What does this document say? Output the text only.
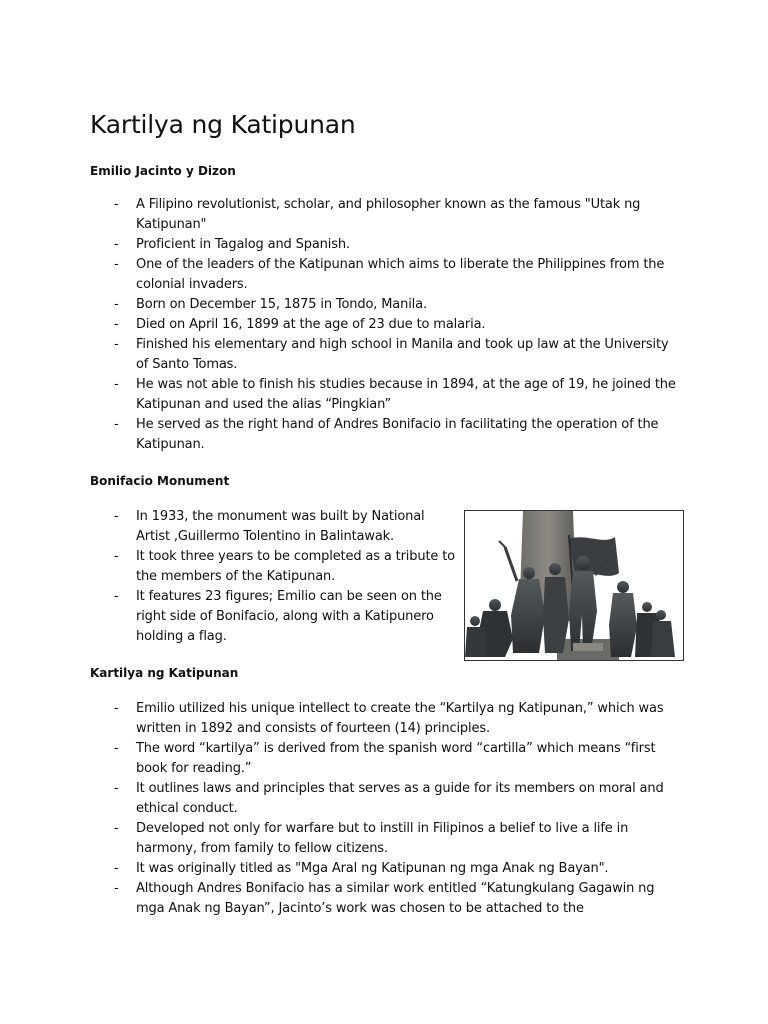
Kartilya ng Katipunan
Emilio Jacinto y Dizon
- A Filipino revolutionist, scholar, and philosopher known as the famous "Utak ng Katipunan"
- Proficient in Tagalog and Spanish.
- One of the leaders of the Katipunan which aims to liberate the Philippines from the colonial invaders.
- Born on December 15, 1875 in Tondo, Manila.
- Died on April 16, 1899 at the age of 23 due to malaria.
- Finished his elementary and high school in Manila and took up law at the University of Santo Tomas.
- He was not able to finish his studies because in 1894, at the age of 19, he joined the Katipunan and used the alias “Pingkian”
- He served as the right hand of Andres Bonifacio in facilitating the operation of the Katipunan.
Bonifacio Monument
- In 1933, the monument was built by National Artist ,Guillermo Tolentino in Balintawak.
- It took three years to be completed as a tribute to the members of the Katipunan.
- It features 23 figures; Emilio can be seen on the right side of Bonifacio, along with a Katipunero holding a flag.
Kartilya ng Katipunan
- Emilio utilized his unique intellect to create the “Kartilya ng Katipunan,” which was written in 1892 and consists of fourteen (14) principles.
- The word “kartilya” is derived from the spanish word “cartilla” which means “first book for reading.”
- It outlines laws and principles that serves as a guide for its members on moral and ethical conduct.
- Developed not only for warfare but to instill in Filipinos a belief to live a life in harmony, from family to fellow citizens.
- It was originally titled as "Mga Aral ng Katipunan ng mga Anak ng Bayan".
- Although Andres Bonifacio has a similar work entitled “Katungkulang Gagawin ng mga Anak ng Bayan”, Jacinto’s work was chosen to be attached to the
